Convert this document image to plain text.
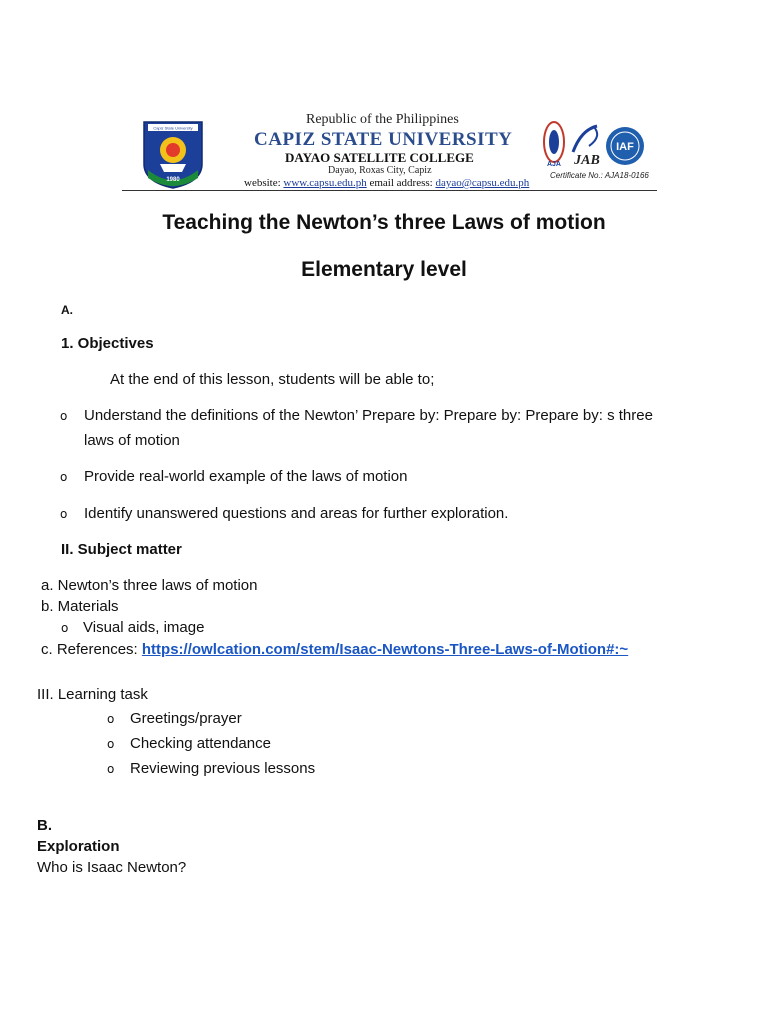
Capiz State University
1980
Republic of the Philippines
CAPIZ STATE UNIVERSITY
DAYAO SATELLITE COLLEGE
Dayao, Roxas City, Capiz
website: www.capsu.edu.ph email address: dayao@capsu.edu.ph
AJA JAB
IAF
Certificate No.: AJA18-0166
Teaching the Newton’s three Laws of motion
Elementary level
A.
1. Objectives
At the end of this lesson, students will be able to;
o Understand the definitions of the Newton’ Prepare by: Prepare by: Prepare by: s three
laws of motion
o Provide real-world example of the laws of motion
o Identify unanswered questions and areas for further exploration.
II. Subject matter
a. Newton’s three laws of motion
b. Materials
o Visual aids, image
c. References: https://owlcation.com/stem/Isaac-Newtons-Three-Laws-of-Motion#:~
III. Learning task
o Greetings/prayer
o Checking attendance
o Reviewing previous lessons
B.
Exploration
Who is Isaac Newton?
